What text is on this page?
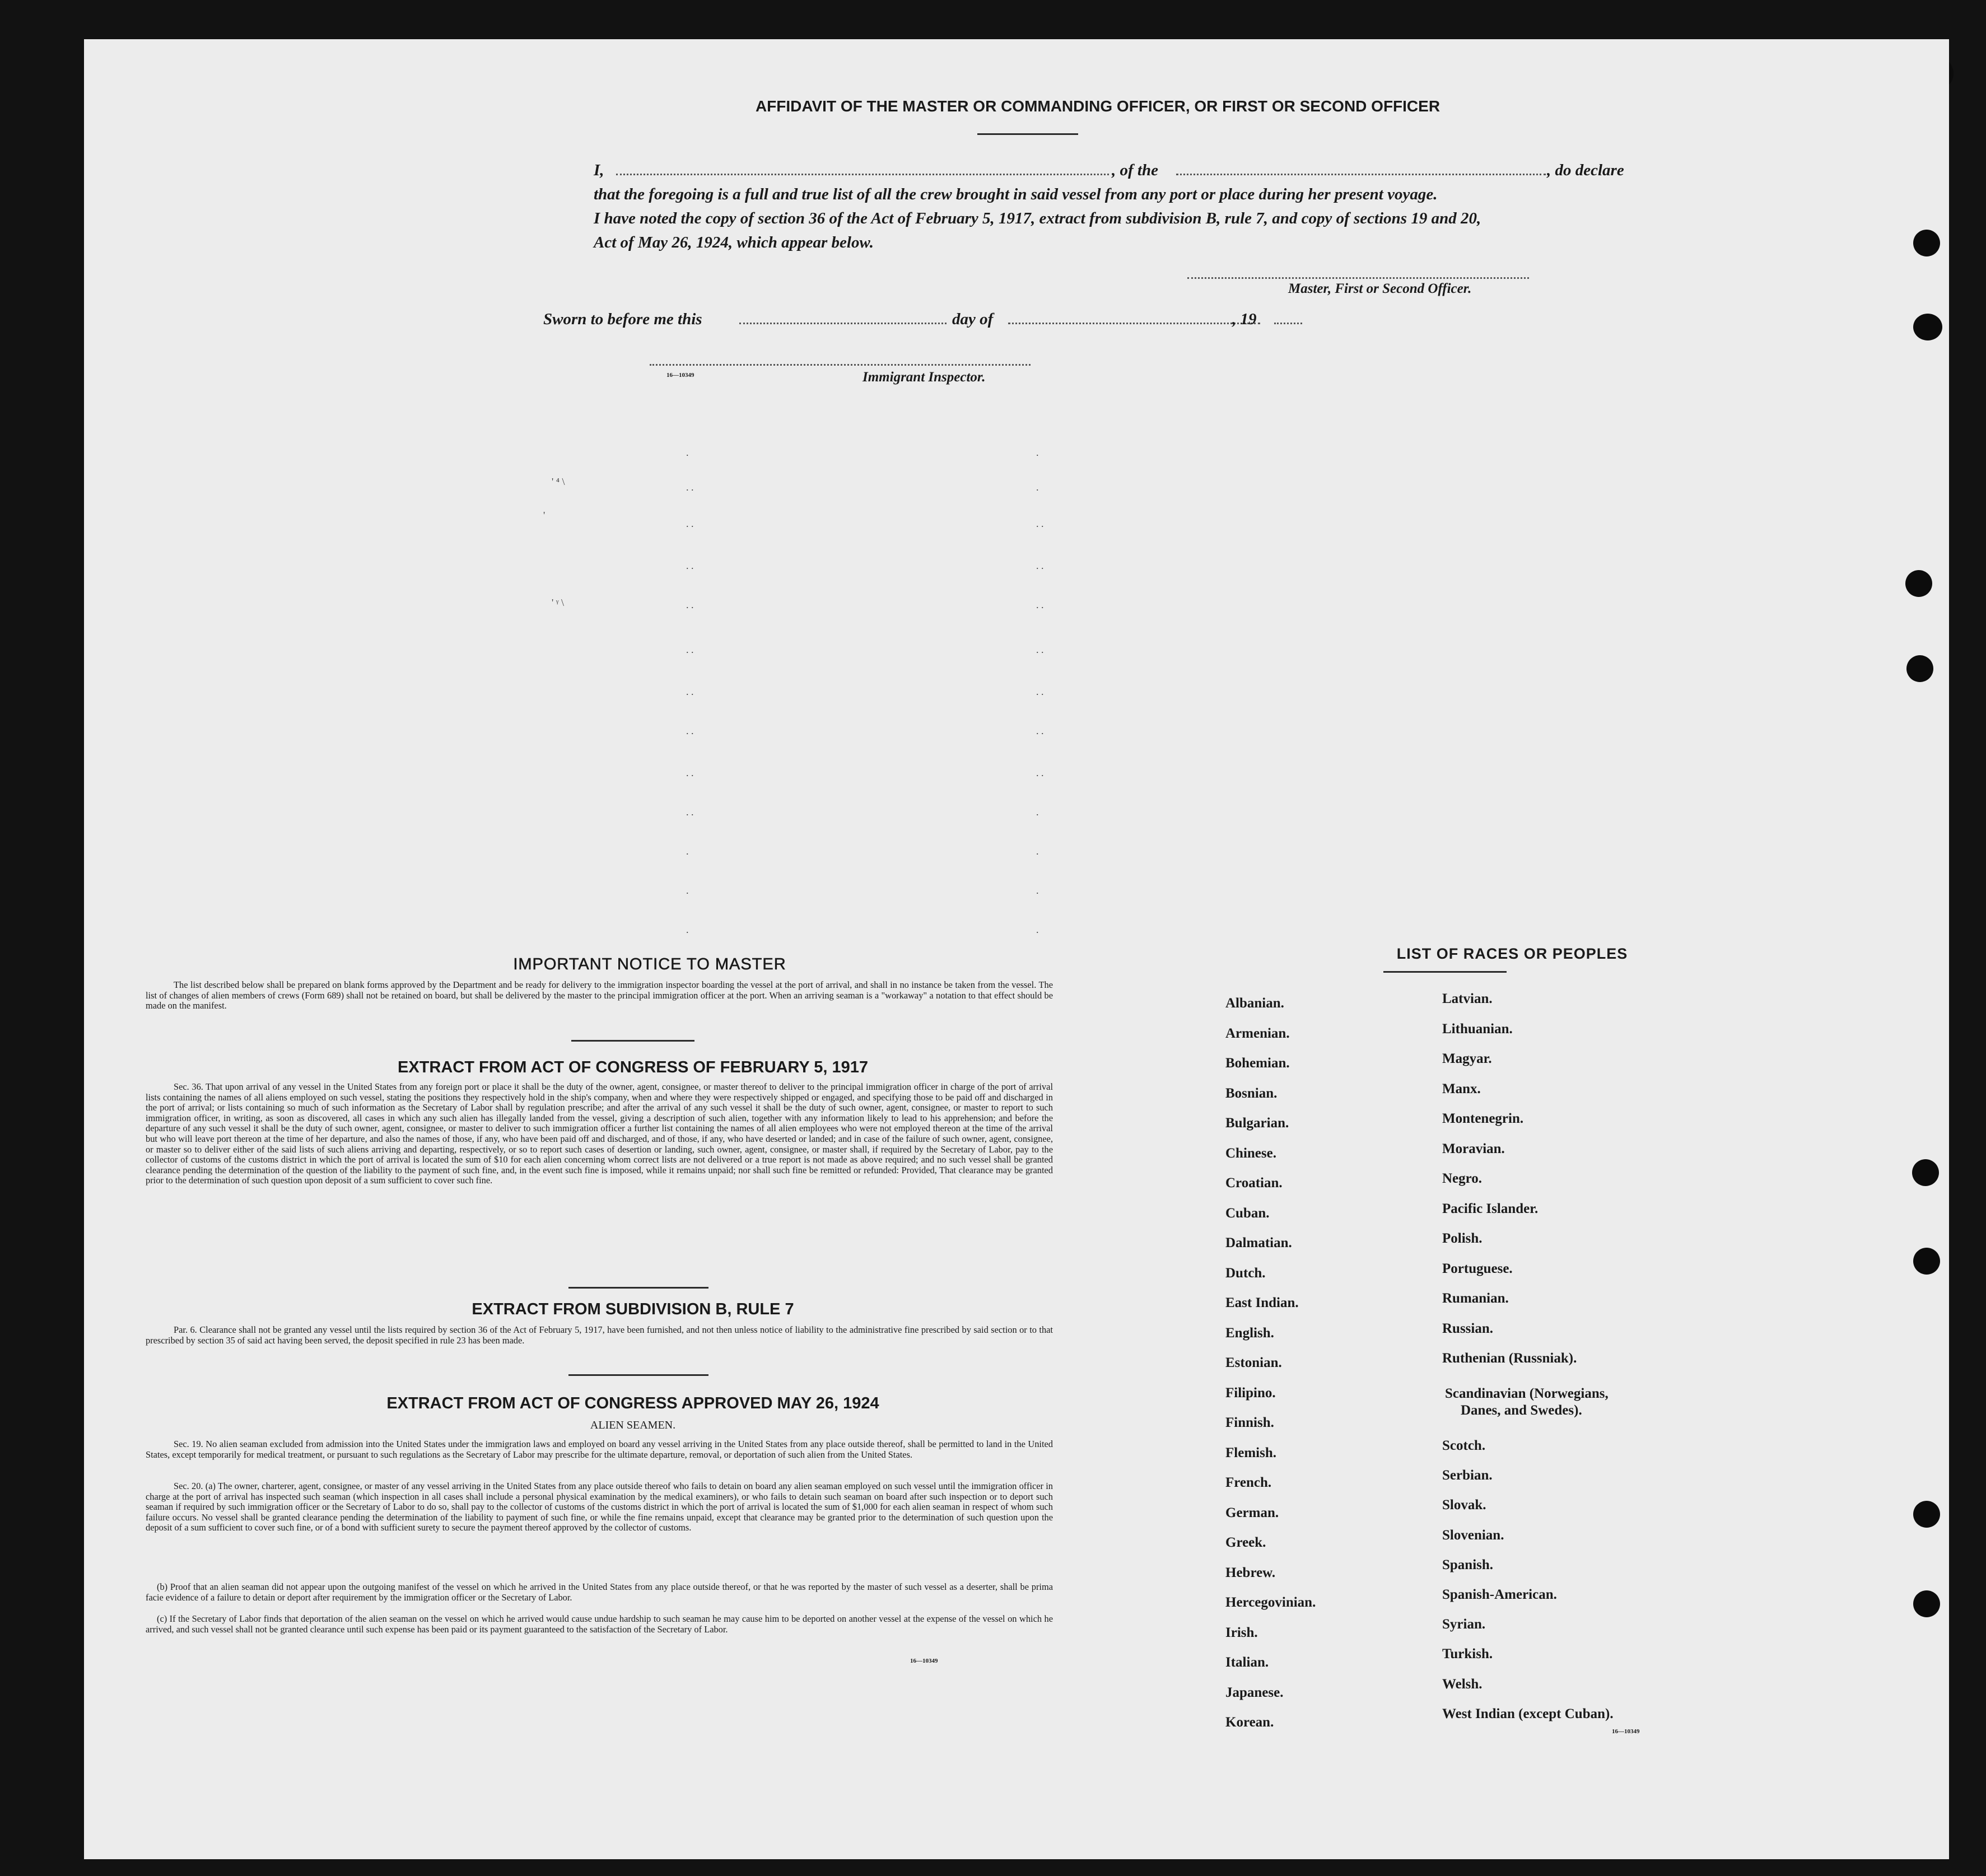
AFFIDAVIT OF THE MASTER OR COMMANDING OFFICER, OR FIRST OR SECOND OFFICER
I,	, of the	, do declare
that the foregoing is a full and true list of all the crew brought in said vessel from any port or place during her present voyage.
I have noted the copy of section 36 of the Act of February 5, 1917, extract from subdivision B, rule 7, and copy of sections 19 and 20,
Act of May 26, 1924, which appear below.
Master, First or Second Officer.
Sworn to before me this	day of	, 19
16—10349	Immigrant Inspector.
.	.
. .	.
. .	. .
. .	. .
. .	. .
. .	. .
. .	. .
. .	. .
. .	. .
. .	.
.	.
.	.
.	.
' ⁴ \
'
' ᵞ \
IMPORTANT NOTICE TO MASTER
The list described below shall be prepared on blank forms approved by the Department and be ready for delivery to the immigration inspector boarding the vessel at the port of arrival, and shall in no instance be taken from the vessel. The list of changes of alien members of crews (Form 689) shall not be retained on board, but shall be delivered by the master to the principal immigration officer at the port. When an arriving seaman is a "workaway" a notation to that effect should be made on the manifest.
EXTRACT FROM ACT OF CONGRESS OF FEBRUARY 5, 1917
Sec. 36. That upon arrival of any vessel in the United States from any foreign port or place it shall be the duty of the owner, agent, consignee, or master thereof to deliver to the principal immigration officer in charge of the port of arrival lists containing the names of all aliens employed on such vessel, stating the positions they respectively hold in the ship's company, when and where they were respectively shipped or engaged, and specifying those to be paid off and discharged in the port of arrival; or lists containing so much of such information as the Secretary of Labor shall by regulation prescribe; and after the arrival of any such vessel it shall be the duty of such owner, agent, consignee, or master to report to such immigration officer, in writing, as soon as discovered, all cases in which any such alien has illegally landed from the vessel, giving a description of such alien, together with any information likely to lead to his apprehension; and before the departure of any such vessel it shall be the duty of such owner, agent, consignee, or master to deliver to such immigration officer a further list containing the names of all alien employees who were not employed thereon at the time of the arrival but who will leave port thereon at the time of her departure, and also the names of those, if any, who have been paid off and discharged, and of those, if any, who have deserted or landed; and in case of the failure of such owner, agent, consignee, or master so to deliver either of the said lists of such aliens arriving and departing, respectively, or so to report such cases of desertion or landing, such owner, agent, consignee, or master shall, if required by the Secretary of Labor, pay to the collector of customs of the customs district in which the port of arrival is located the sum of $10 for each alien concerning whom correct lists are not delivered or a true report is not made as above required; and no such vessel shall be granted clearance pending the determination of the question of the liability to the payment of such fine, and, in the event such fine is imposed, while it remains unpaid; nor shall such fine be remitted or refunded: Provided, That clearance may be granted prior to the determination of such question upon deposit of a sum sufficient to cover such fine.
EXTRACT FROM SUBDIVISION B, RULE 7
Par. 6. Clearance shall not be granted any vessel until the lists required by section 36 of the Act of February 5, 1917, have been furnished, and not then unless notice of liability to the administrative fine prescribed by said section or to that prescribed by section 35 of said act having been served, the deposit specified in rule 23 has been made.
EXTRACT FROM ACT OF CONGRESS APPROVED MAY 26, 1924
ALIEN SEAMEN.
Sec. 19. No alien seaman excluded from admission into the United States under the immigration laws and employed on board any vessel arriving in the United States from any place outside thereof, shall be permitted to land in the United States, except temporarily for medical treatment, or pursuant to such regulations as the Secretary of Labor may prescribe for the ultimate departure, removal, or deportation of such alien from the United States.
Sec. 20. (a) The owner, charterer, agent, consignee, or master of any vessel arriving in the United States from any place outside thereof who fails to detain on board any alien seaman employed on such vessel until the immigration officer in charge at the port of arrival has inspected such seaman (which inspection in all cases shall include a personal physical examination by the medical examiners), or who fails to detain such seaman on board after such inspection or to deport such seaman if required by such immigration officer or the Secretary of Labor to do so, shall pay to the collector of customs of the customs district in which the port of arrival is located the sum of $1,000 for each alien seaman in respect of whom such failure occurs. No vessel shall be granted clearance pending the determination of the liability to payment of such fine, or while the fine remains unpaid, except that clearance may be granted prior to the determination of such question upon the deposit of a sum sufficient to cover such fine, or of a bond with sufficient surety to secure the payment thereof approved by the collector of customs.
(b) Proof that an alien seaman did not appear upon the outgoing manifest of the vessel on which he arrived in the United States from any place outside thereof, or that he was reported by the master of such vessel as a deserter, shall be prima facie evidence of a failure to detain or deport after requirement by the immigration officer or the Secretary of Labor.
(c) If the Secretary of Labor finds that deportation of the alien seaman on the vessel on which he arrived would cause undue hardship to such seaman he may cause him to be deported on another vessel at the expense of the vessel on which he arrived, and such vessel shall not be granted clearance until such expense has been paid or its payment guaranteed to the satisfaction of the Secretary of Labor.
16—10349
LIST OF RACES OR PEOPLES
Albanian.
Armenian.
Bohemian.
Bosnian.
Bulgarian.
Chinese.
Croatian.
Cuban.
Dalmatian.
Dutch.
East Indian.
English.
Estonian.
Filipino.
Finnish.
Flemish.
French.
German.
Greek.
Hebrew.
Hercegovinian.
Irish.
Italian.
Japanese.
Korean.
Latvian.
Lithuanian.
Magyar.
Manx.
Montenegrin.
Moravian.
Negro.
Pacific Islander.
Polish.
Portuguese.
Rumanian.
Russian.
Ruthenian (Russniak).
Scandinavian (Norwegians,
Danes, and Swedes).
Scotch.
Serbian.
Slovak.
Slovenian.
Spanish.
Spanish-American.
Syrian.
Turkish.
Welsh.
West Indian (except Cuban).
16—10349
